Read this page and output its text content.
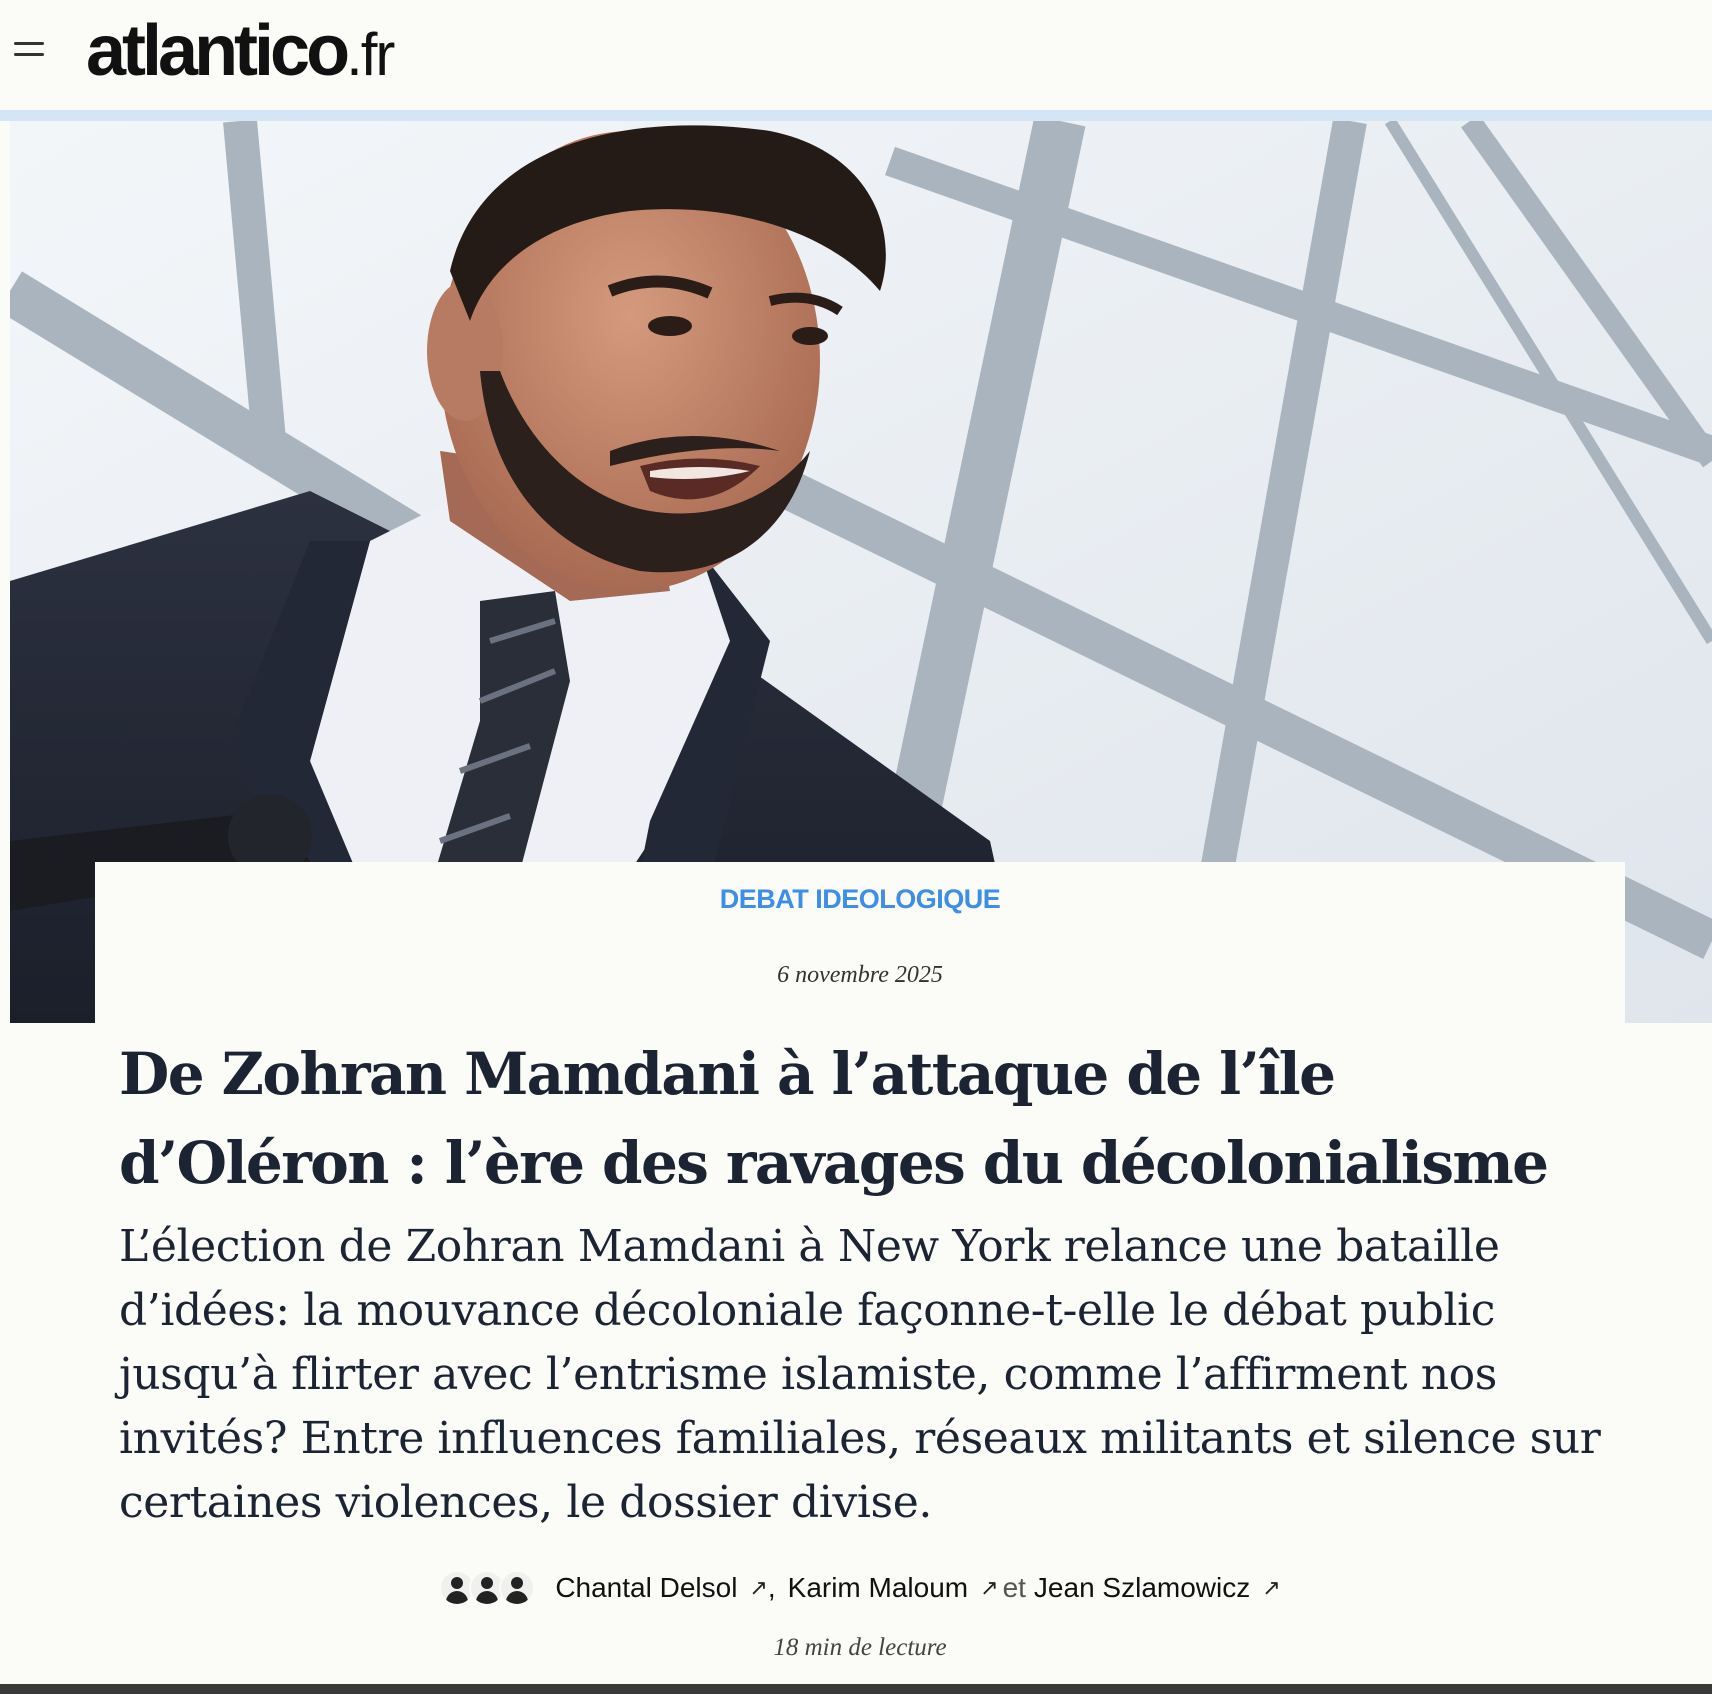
atlantico.fr
DEBAT IDEOLOGIQUE
6 novembre 2025
De Zohran Mamdani à l’attaque de l’île d’Oléron : l’ère des ravages du décolonialisme

L’élection de Zohran Mamdani à New York relance une bataille d’idées: la mouvance décoloniale façonne-t-elle le débat public jusqu’à flirter avec l’entrisme islamiste, comme l’affirment nos invités? Entre influences familiales, réseaux militants et silence sur certaines violences, le dossier divise.

Chantal Delsol ↗ , Karim Maloum ↗ et Jean Szlamowicz ↗
18 min de lecture
